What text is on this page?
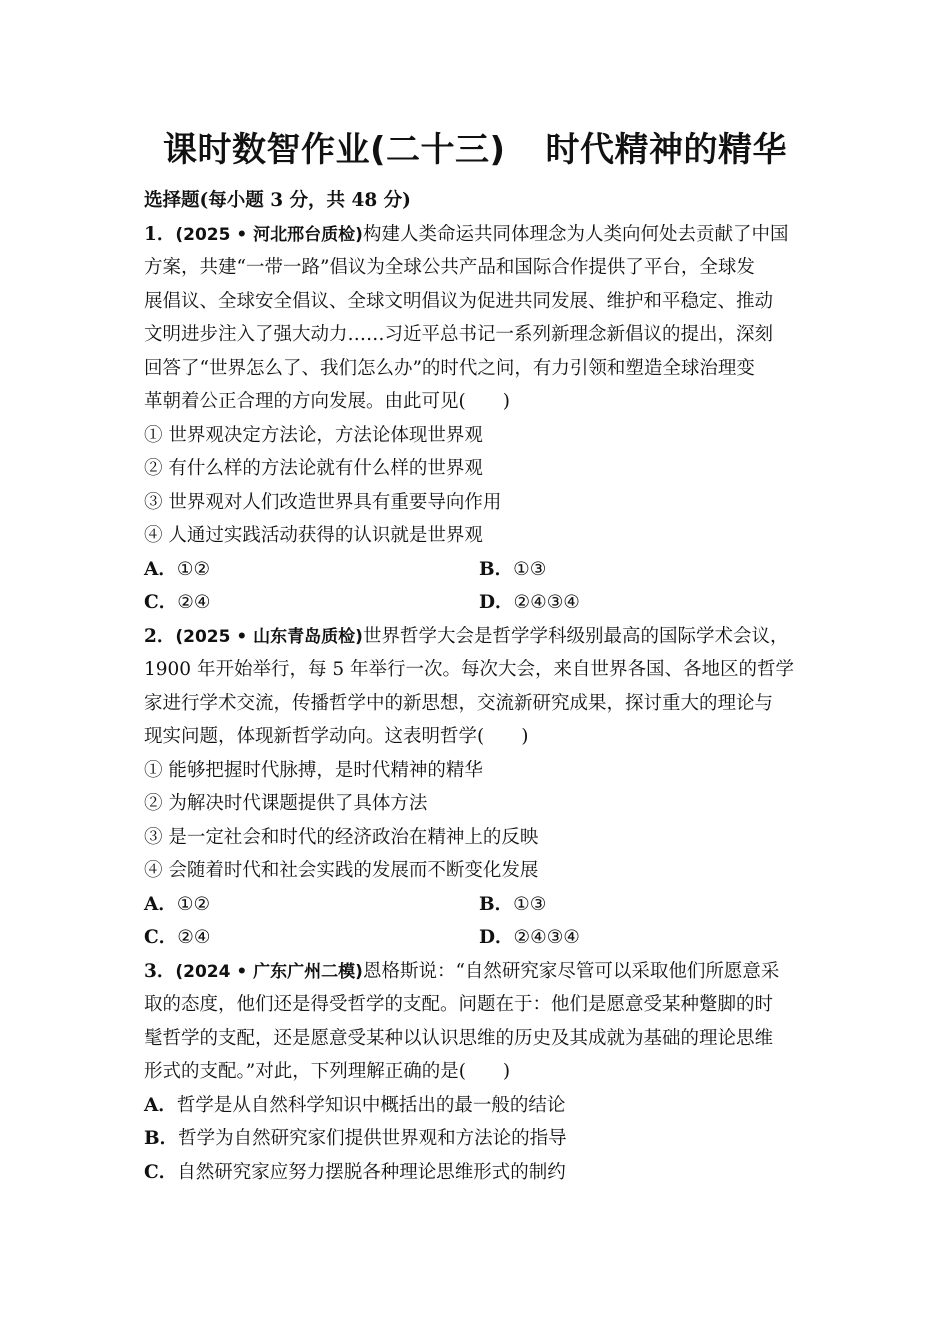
课时数智作业(二十三) 时代精神的精华
选择题(每小题 3 分，共 48 分)
1．(2025 • 河北邢台质检)构建人类命运共同体理念为人类向何处去贡献了中国
方案，共建“一带一路”倡议为全球公共产品和国际合作提供了平台，全球发
展倡议、全球安全倡议、全球文明倡议为促进共同发展、维护和平稳定、推动
文明进步注入了强大动力……习近平总书记一系列新理念新倡议的提出，深刻
回答了“世界怎么了、我们怎么办”的时代之问，有力引领和塑造全球治理变
革朝着公正合理的方向发展。由此可见(　　)
① 世界观决定方法论，方法论体现世界观
② 有什么样的方法论就有什么样的世界观
③ 世界观对人们改造世界具有重要导向作用
④ 人通过实践活动获得的认识就是世界观
A．①②	B．①③
C．②④	D．②④③④
2．(2025 • 山东青岛质检)世界哲学大会是哲学学科级别最高的国际学术会议，
1900 年开始举行，每 5 年举行一次。每次大会，来自世界各国、各地区的哲学
家进行学术交流，传播哲学中的新思想，交流新研究成果，探讨重大的理论与
现实问题，体现新哲学动向。这表明哲学(　　)
① 能够把握时代脉搏，是时代精神的精华
② 为解决时代课题提供了具体方法
③ 是一定社会和时代的经济政治在精神上的反映
④ 会随着时代和社会实践的发展而不断变化发展
A．①②	B．①③
C．②④	D．②④③④
3．(2024 • 广东广州二模)恩格斯说：“自然研究家尽管可以采取他们所愿意采
取的态度，他们还是得受哲学的支配。问题在于：他们是愿意受某种蹩脚的时
髦哲学的支配，还是愿意受某种以认识思维的历史及其成就为基础的理论思维
形式的支配。”对此，下列理解正确的是(　　)
A．哲学是从自然科学知识中概括出的最一般的结论
B．哲学为自然研究家们提供世界观和方法论的指导
C．自然研究家应努力摆脱各种理论思维形式的制约
